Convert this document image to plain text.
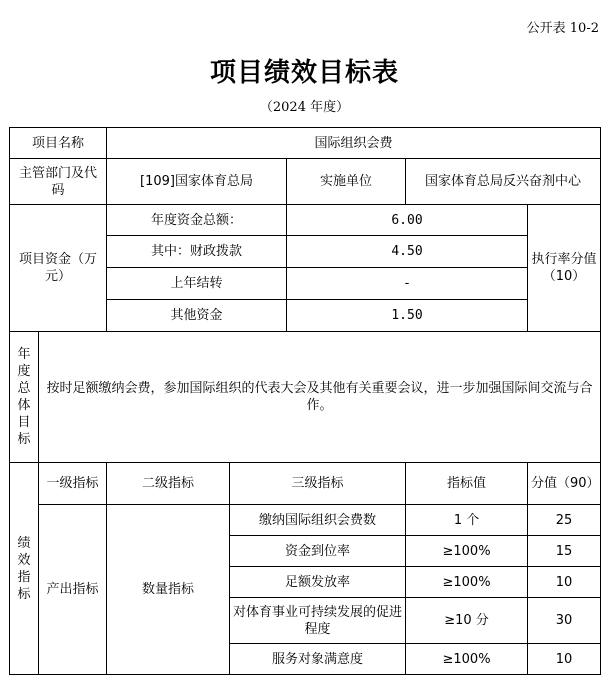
公开表 10-2
项目绩效目标表
（2024 年度）
项目名称		国际组织会费				
主管部门及代码		[109]国家体育总局		实施单位	国家体育总局反兴奋剂中心	
项目资金（万元）		年度资金总额：		6.00		执行率分值（10）
		其中：财政拨款		4.50		
		上年结转		-		
		其他资金		1.50		
年度总体目标	按时足额缴纳会费，参加国际组织的代表大会及其他有关重要会议，进一步加强国际间交流与合作。					
绩效指标	一级指标	二级指标	三级指标		指标值	分值（90）
	产出指标	数量指标	缴纳国际组织会费数		1 个	25
			资金到位率		≥100%	15
			足额发放率		≥100%	10
			对体育事业可持续发展的促进程度		≥10 分	30
			服务对象满意度		≥100%	10
